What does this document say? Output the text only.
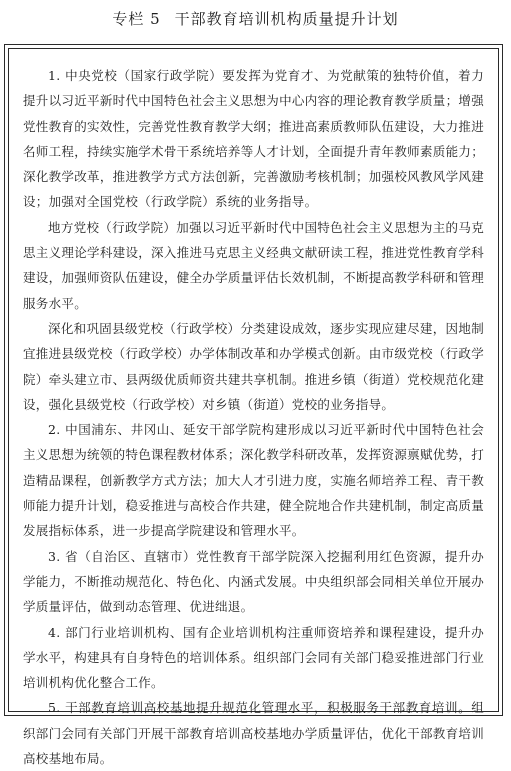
专栏 5 干部教育培训机构质量提升计划

1. 中央党校（国家行政学院）要发挥为党育才、为党献策的独特价值，着力提升以习近平新时代中国特色社会主义思想为中心内容的理论教育教学质量；增强党性教育的实效性，完善党性教育教学大纲；推进高素质教师队伍建设，大力推进名师工程，持续实施学术骨干系统培养等人才计划，全面提升青年教师素质能力；深化教学改革，推进教学方式方法创新，完善激励考核机制；加强校风教风学风建设；加强对全国党校（行政学院）系统的业务指导。

地方党校（行政学院）加强以习近平新时代中国特色社会主义思想为主的马克思主义理论学科建设，深入推进马克思主义经典文献研读工程，推进党性教育学科建设，加强师资队伍建设，健全办学质量评估长效机制，不断提高教学科研和管理服务水平。

深化和巩固县级党校（行政学校）分类建设成效，逐步实现应建尽建，因地制宜推进县级党校（行政学校）办学体制改革和办学模式创新。由市级党校（行政学院）牵头建立市、县两级优质师资共建共享机制。推进乡镇（街道）党校规范化建设，强化县级党校（行政学校）对乡镇（街道）党校的业务指导。

2. 中国浦东、井冈山、延安干部学院构建形成以习近平新时代中国特色社会主义思想为统领的特色课程教材体系；深化教学科研改革，发挥资源禀赋优势，打造精品课程，创新教学方式方法；加大人才引进力度，实施名师培养工程、青干教师能力提升计划，稳妥推进与高校合作共建，健全院地合作共建机制，制定高质量发展指标体系，进一步提高学院建设和管理水平。

3. 省（自治区、直辖市）党性教育干部学院深入挖掘利用红色资源，提升办学能力，不断推动规范化、特色化、内涵式发展。中央组织部会同相关单位开展办学质量评估，做到动态管理、优进绌退。

4. 部门行业培训机构、国有企业培训机构注重师资培养和课程建设，提升办学水平，构建具有自身特色的培训体系。组织部门会同有关部门稳妥推进部门行业培训机构优化整合工作。

5. 干部教育培训高校基地提升规范化管理水平，积极服务干部教育培训。组织部门会同有关部门开展干部教育培训高校基地办学质量评估，优化干部教育培训高校基地布局。
